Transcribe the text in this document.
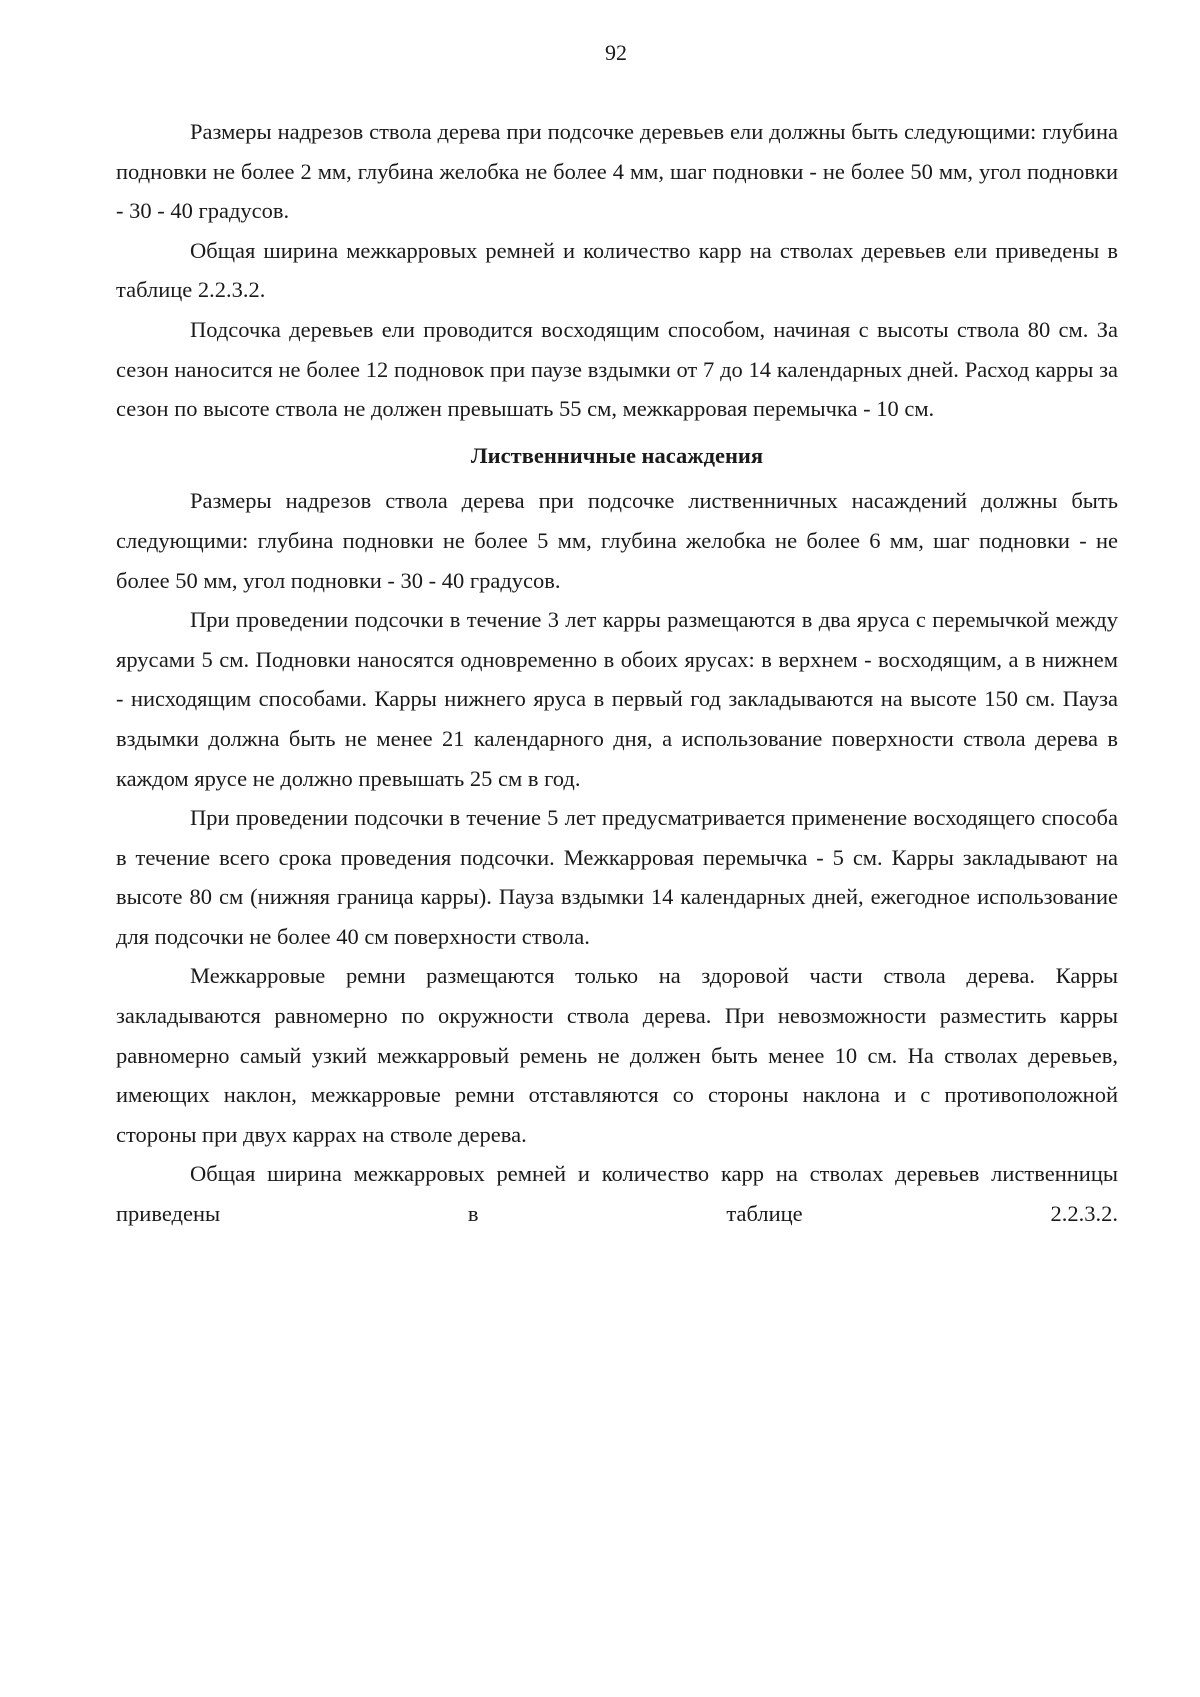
92

Размеры надрезов ствола дерева при подсочке деревьев ели должны быть следующими: глубина подновки не более 2 мм, глубина желобка не более 4 мм, шаг подновки - не более 50 мм, угол подновки - 30 - 40 градусов.

Общая ширина межкарровых ремней и количество карр на стволах деревьев ели приведены в таблице 2.2.3.2.

Подсочка деревьев ели проводится восходящим способом, начиная с высоты ствола 80 см. За сезон наносится не более 12 подновок при паузе вздымки от 7 до 14 календарных дней. Расход карры за сезон по высоте ствола не должен превышать 55 см, межкарровая перемычка - 10 см.

Лиственничные насаждения

Размеры надрезов ствола дерева при подсочке лиственничных насаждений должны быть следующими: глубина подновки не более 5 мм, глубина желобка не более 6 мм, шаг подновки - не более 50 мм, угол подновки - 30 - 40 градусов.

При проведении подсочки в течение 3 лет карры размещаются в два яруса с перемычкой между ярусами 5 см. Подновки наносятся одновременно в обоих ярусах: в верхнем - восходящим, а в нижнем - нисходящим способами. Карры нижнего яруса в первый год закладываются на высоте 150 см. Пауза вздымки должна быть не менее 21 календарного дня, а использование поверхности ствола дерева в каждом ярусе не должно превышать 25 см в год.

При проведении подсочки в течение 5 лет предусматривается применение восходящего способа в течение всего срока проведения подсочки. Межкарровая перемычка - 5 см. Карры закладывают на высоте 80 см (нижняя граница карры). Пауза вздымки 14 календарных дней, ежегодное использование для подсочки не более 40 см поверхности ствола.

Межкарровые ремни размещаются только на здоровой части ствола дерева. Карры закладываются равномерно по окружности ствола дерева. При невозможности разместить карры равномерно самый узкий межкарровый ремень не должен быть менее 10 см. На стволах деревьев, имеющих наклон, межкарровые ремни отставляются со стороны наклона и с противоположной стороны при двух каррах на стволе дерева.

Общая ширина межкарровых ремней и количество карр на стволах деревьев лиственницы приведены в таблице 2.2.3.2.
